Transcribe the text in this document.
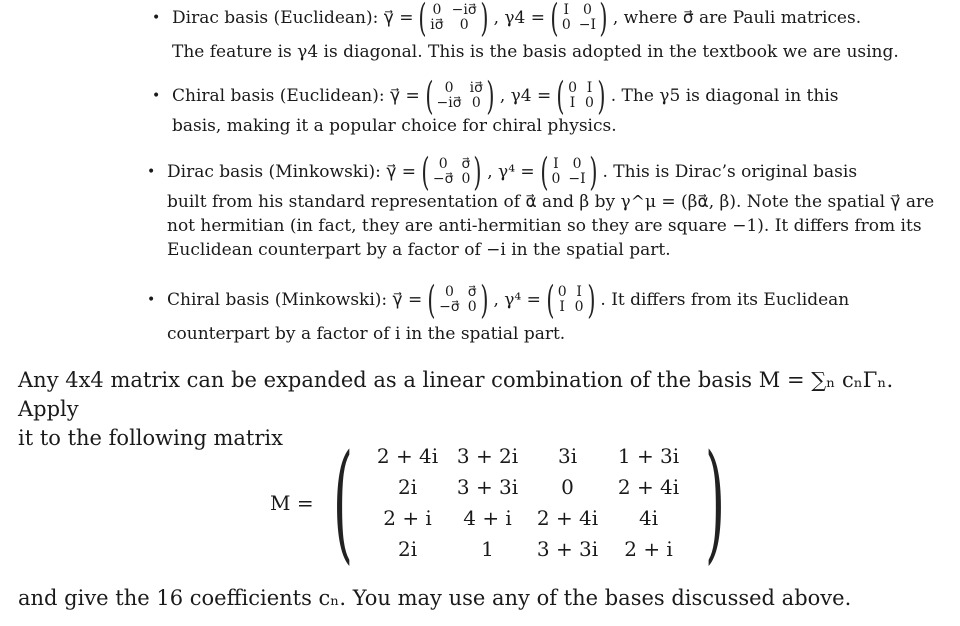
• Dirac basis (Euclidean):
γ⃗ = ( 0 −iσ⃗
iσ⃗	0 ) , γ4 = ( I 0
0 −I ) , where σ⃗ are Pauli matrices.
The feature is γ4 is diagonal. This is the basis adopted in the textbook we are using.
• Chiral basis (Euclidean):
γ⃗ = ( 0	iσ⃗
−iσ⃗ 0 ) , γ4 = ( 0 I
I 0 ) . The γ5 is diagonal in this
basis, making it a popular choice for chiral physics.
• Dirac basis (Minkowski):
γ⃗ = ( 0 σ⃗
−σ⃗ 0 ) , γ⁴ = ( I 0
0 −I ) . This is Dirac’s original basis
built from his standard representation of α⃗ and β by γ^μ = (βα⃗, β). Note the spatial γ⃗ are
not hermitian (in fact, they are anti-hermitian so they are square −1). It differs from its
Euclidean counterpart by a factor of −i in the spatial part.
• Chiral basis (Minkowski):
γ⃗ = ( 0 σ⃗
−σ⃗ 0 ) , γ⁴ = ( 0 I
I 0 ) . It differs from its Euclidean
counterpart by a factor of i in the spatial part.
Any 4x4 matrix can be expanded as a linear combination of the basis M = ∑ₙ cₙΓₙ. Apply
it to the following matrix
M = (	2 + 4i 3 + 2i	3i	1 + 3i
2i	3 + 3i	0	2 + 4i
2 + i	4 + i	2 + 4i	4i
2i	1	3 + 3i	2 + i )
and give the 16 coefficients cₙ. You may use any of the bases discussed above.
